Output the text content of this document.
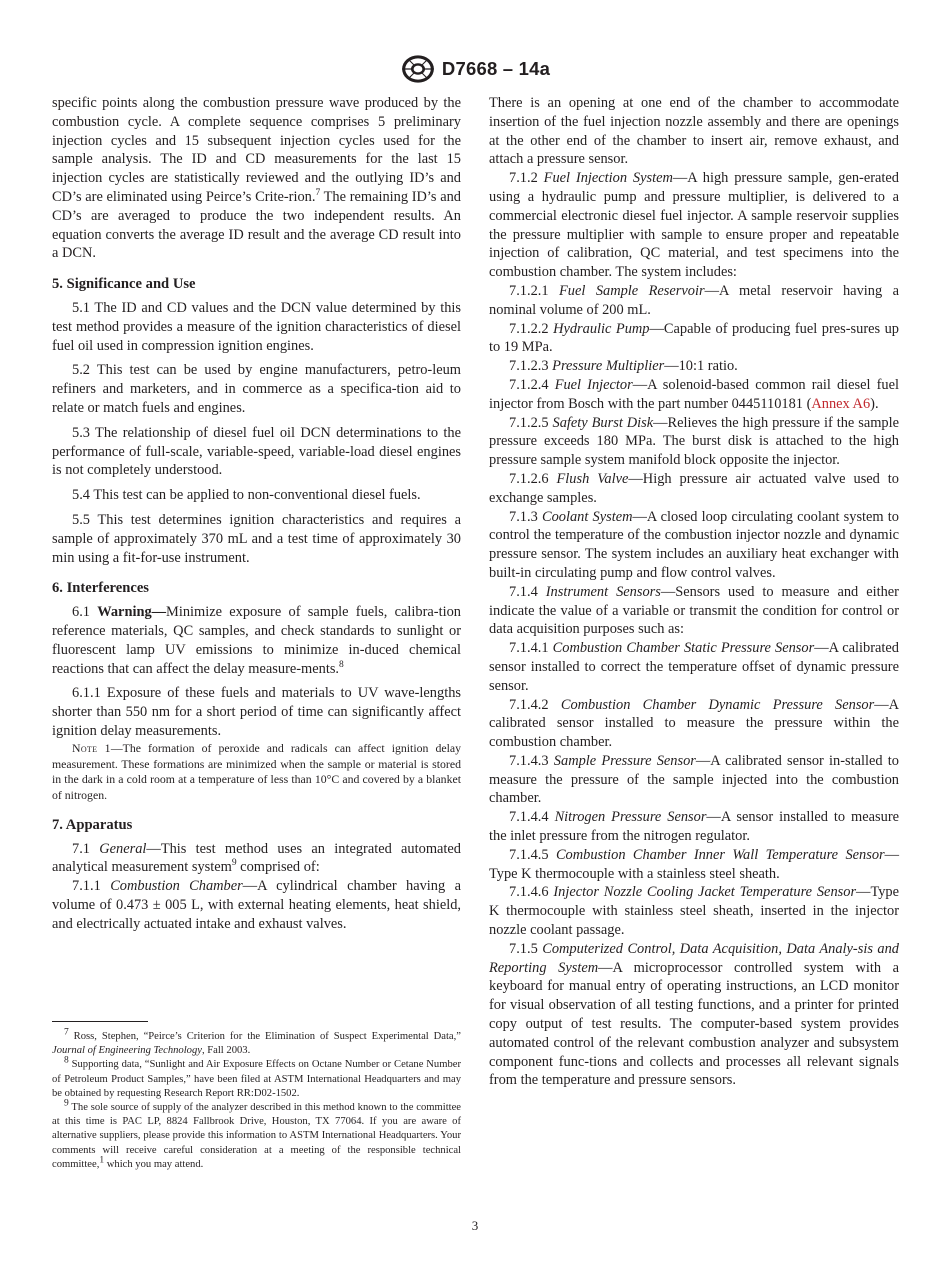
D7668 – 14a

specific points along the combustion pressure wave produced by the combustion cycle. A complete sequence comprises 5 preliminary injection cycles and 15 subsequent injection cycles used for the sample analysis. The ID and CD measurements for the last 15 injection cycles are statistically reviewed and the outlying ID’s and CD’s are eliminated using Peirce’s Crite-rion.$^7$ The remaining ID’s and CD’s are averaged to produce the two independent results. An equation converts the average ID result and the average CD result into a DCN.

5. Significance and Use

5.1 The ID and CD values and the DCN value determined by this test method provides a measure of the ignition characteristics of diesel fuel oil used in compression ignition engines.

5.2 This test can be used by engine manufacturers, petro-leum refiners and marketers, and in commerce as a specifica-tion aid to relate or match fuels and engines.

5.3 The relationship of diesel fuel oil DCN determinations to the performance of full-scale, variable-speed, variable-load diesel engines is not completely understood.

5.4 This test can be applied to non-conventional diesel fuels.

5.5 This test determines ignition characteristics and requires a sample of approximately 370 mL and a test time of approximately 30 min using a fit-for-use instrument.

6. Interferences

6.1 Warning—Minimize exposure of sample fuels, calibra-tion reference materials, QC samples, and check standards to sunlight or fluorescent lamp UV emissions to minimize in-duced chemical reactions that can affect the delay measure-ments.$^8$

6.1.1 Exposure of these fuels and materials to UV wave-lengths shorter than 550 nm for a short period of time can significantly affect ignition delay measurements.

Note 1—The formation of peroxide and radicals can affect ignition delay measurement. These formations are minimized when the sample or material is stored in the dark in a cold room at a temperature of less than 10°C and covered by a blanket of nitrogen.

7. Apparatus

7.1 General—This test method uses an integrated automated analytical measurement system$^9$ comprised of:

7.1.1 Combustion Chamber—A cylindrical chamber having a volume of 0.473 ± 005 L, with external heating elements, heat shield, and electrically actuated intake and exhaust valves.

7 Ross, Stephen, “Peirce’s Criterion for the Elimination of Suspect Experimental Data,” Journal of Engineering Technology, Fall 2003.

8 Supporting data, “Sunlight and Air Exposure Effects on Octane Number or Cetane Number of Petroleum Product Samples,” have been filed at ASTM International Headquarters and may be obtained by requesting Research Report RR:D02-1502.

9 The sole source of supply of the analyzer described in this method known to the committee at this time is PAC LP, 8824 Fallbrook Drive, Houston, TX 77064. If you are aware of alternative suppliers, please provide this information to ASTM International Headquarters. Your comments will receive careful consideration at a meeting of the responsible technical committee,1 which you may attend.

There is an opening at one end of the chamber to accommodate insertion of the fuel injection nozzle assembly and there are openings at the other end of the chamber to insert air, remove exhaust, and attach a pressure sensor.

7.1.2 Fuel Injection System—A high pressure sample, gen-erated using a hydraulic pump and pressure multiplier, is delivered to a commercial electronic diesel fuel injector. A sample reservoir supplies the pressure multiplier with sample to ensure proper and repeatable injection of calibration, QC material, and test specimens into the combustion chamber. The system includes:

7.1.2.1 Fuel Sample Reservoir—A metal reservoir having a nominal volume of 200 mL.

7.1.2.2 Hydraulic Pump—Capable of producing fuel pres-sures up to 19 MPa.

7.1.2.3 Pressure Multiplier—10:1 ratio.

7.1.2.4 Fuel Injector—A solenoid-based common rail diesel fuel injector from Bosch with the part number 0445110181 (Annex A6).

7.1.2.5 Safety Burst Disk—Relieves the high pressure if the sample pressure exceeds 180 MPa. The burst disk is attached to the high pressure sample system manifold block opposite the injector.

7.1.2.6 Flush Valve—High pressure air actuated valve used to exchange samples.

7.1.3 Coolant System—A closed loop circulating coolant system to control the temperature of the combustion injector nozzle and dynamic pressure sensor. The system includes an auxiliary heat exchanger with built-in circulating pump and flow control valves.

7.1.4 Instrument Sensors—Sensors used to measure and either indicate the value of a variable or transmit the condition for control or data acquisition purposes such as:

7.1.4.1 Combustion Chamber Static Pressure Sensor—A calibrated sensor installed to correct the temperature offset of dynamic pressure sensor.

7.1.4.2 Combustion Chamber Dynamic Pressure Sensor—A calibrated sensor installed to measure the pressure within the combustion chamber.

7.1.4.3 Sample Pressure Sensor—A calibrated sensor in-stalled to measure the pressure of the sample injected into the combustion chamber.

7.1.4.4 Nitrogen Pressure Sensor—A sensor installed to measure the inlet pressure from the nitrogen regulator.

7.1.4.5 Combustion Chamber Inner Wall Temperature Sensor—Type K thermocouple with a stainless steel sheath.

7.1.4.6 Injector Nozzle Cooling Jacket Temperature Sensor—Type K thermocouple with stainless steel sheath, inserted in the injector nozzle coolant passage.

7.1.5 Computerized Control, Data Acquisition, Data Analy-sis and Reporting System—A microprocessor controlled system with a keyboard for manual entry of operating instructions, an LCD monitor for visual observation of all testing functions, and a printer for printed copy output of test results. The computer-based system provides automated control of the relevant combustion analyzer and subsystem component func-tions and collects and processes all relevant signals from the temperature and pressure sensors.

3
